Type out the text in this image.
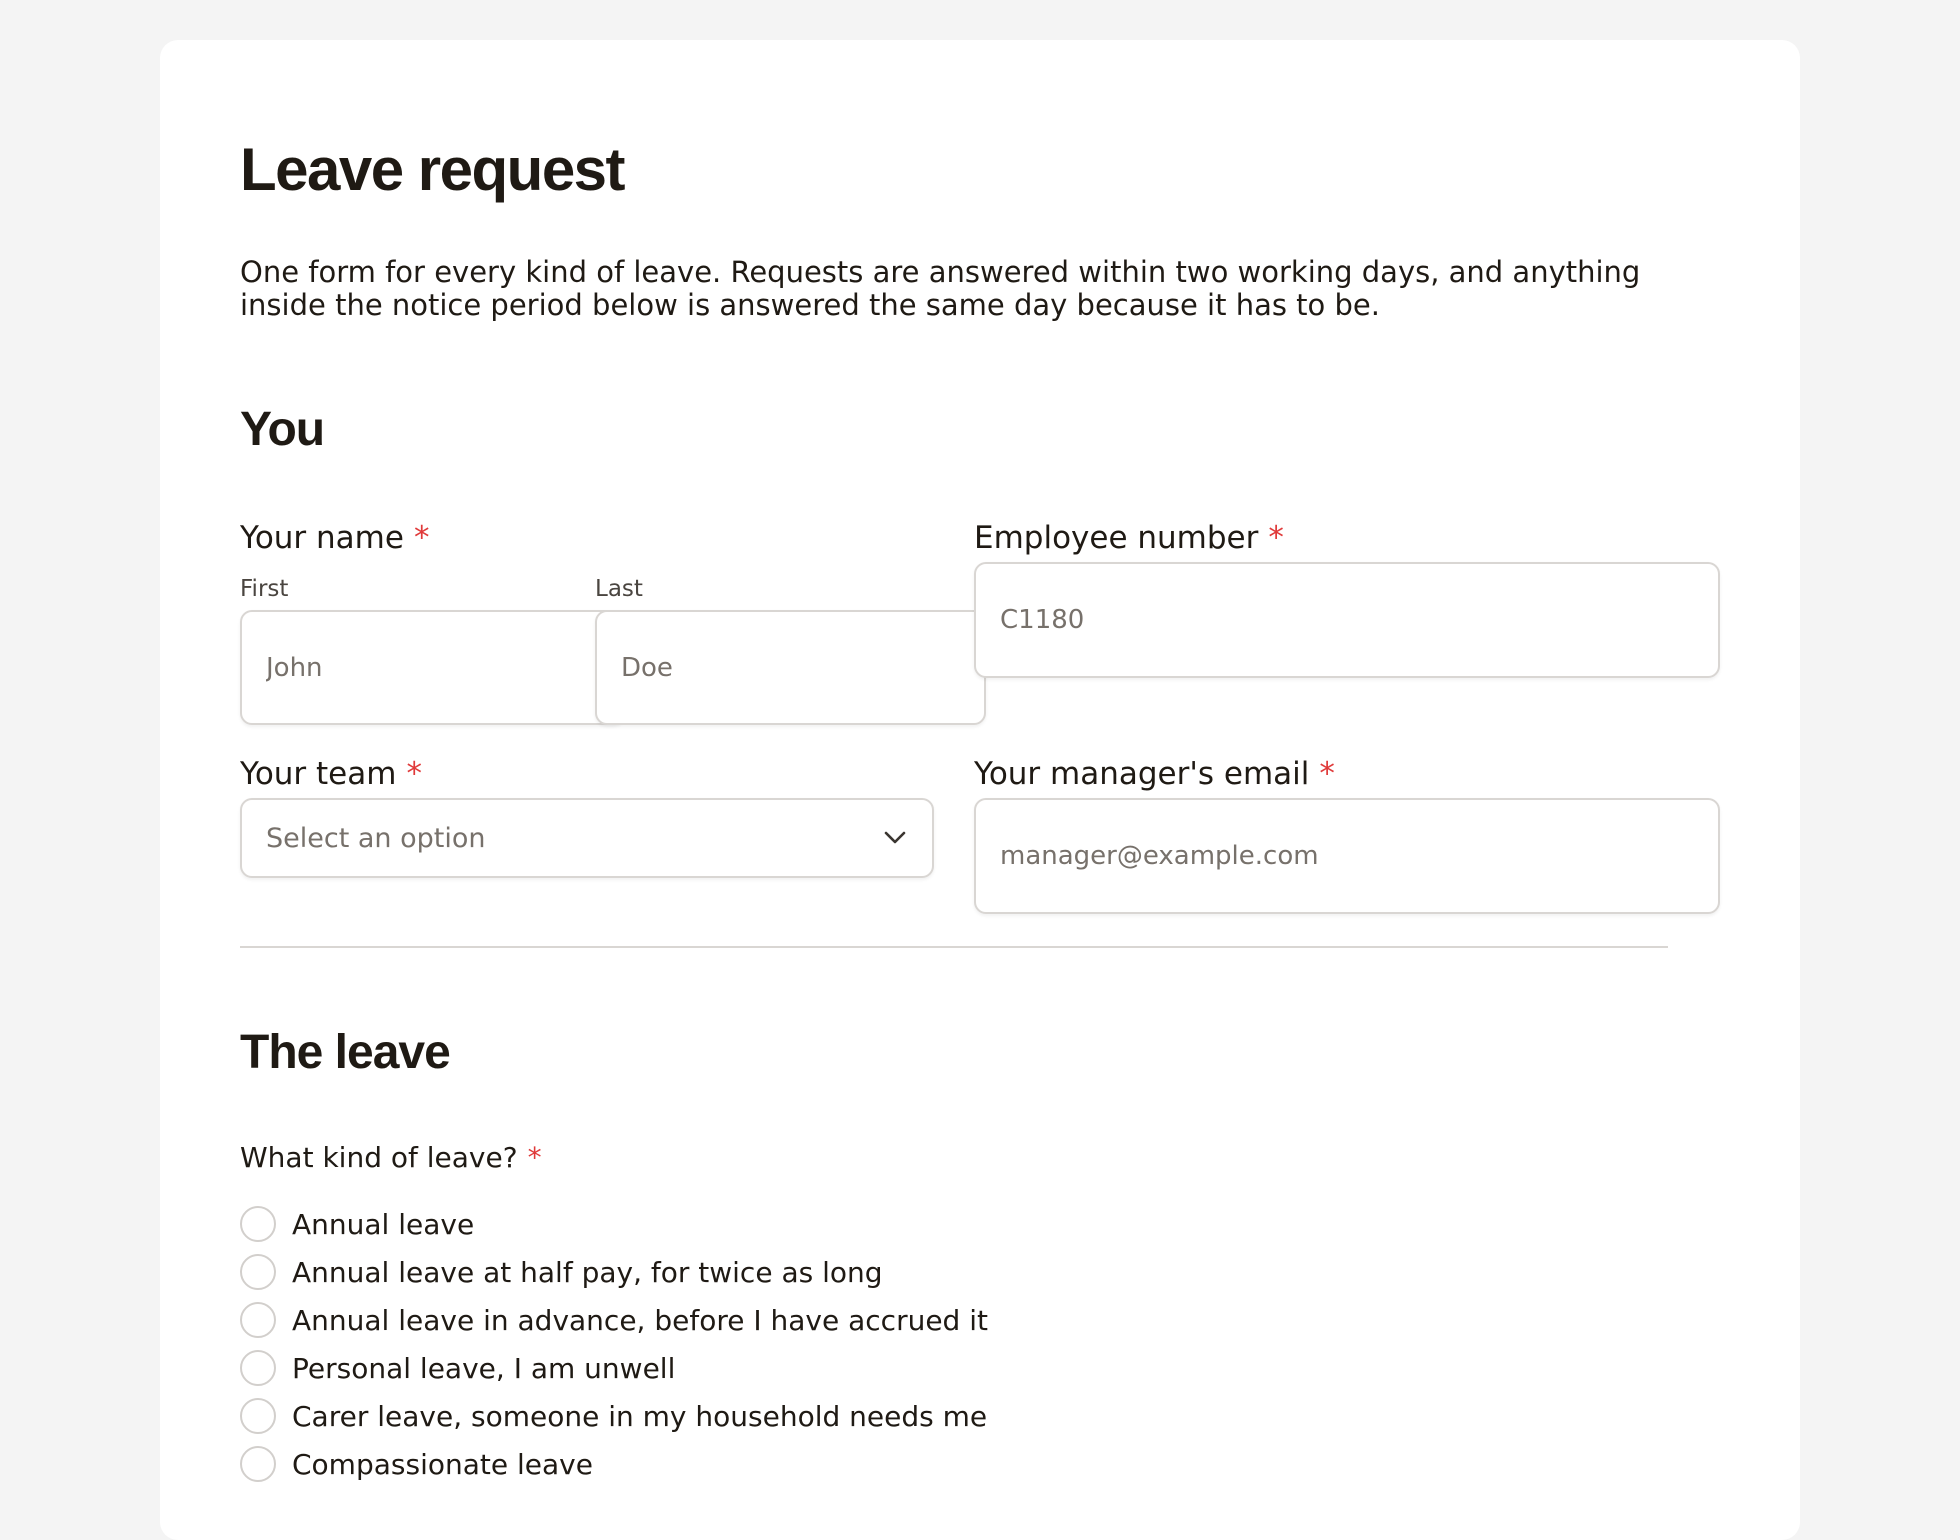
Leave request

One form for every kind of leave. Requests are answered within two working days, and anything inside the notice period below is answered the same day because it has to be.

You
Your name *
First	Last
John
Doe
Employee number *
C1180
Your team *
Select an option
Your manager's email *
manager@example.com
The leave
What kind of leave? *
Annual leave
Annual leave at half pay, for twice as long
Annual leave in advance, before I have accrued it
Personal leave, I am unwell
Carer leave, someone in my household needs me
Compassionate leave
